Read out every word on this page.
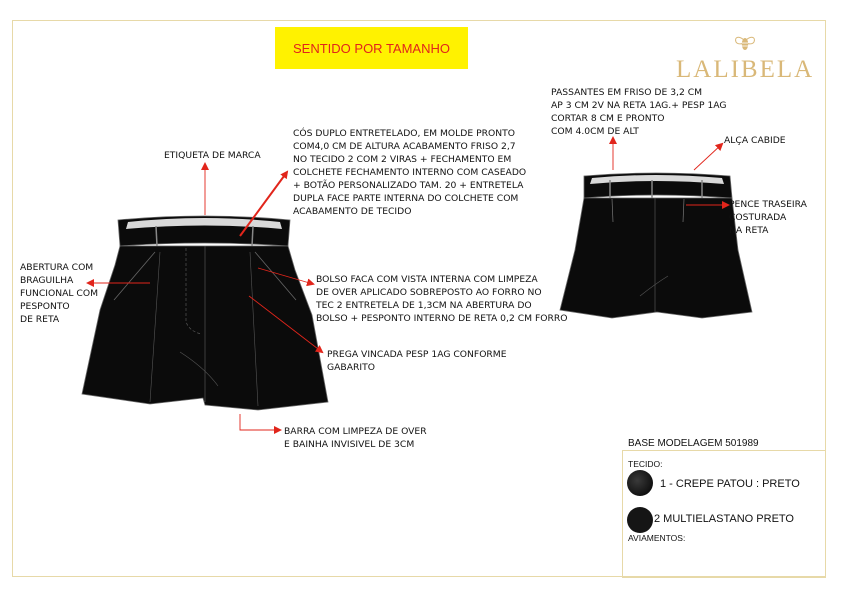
SENTIDO POR TAMANHO
LALIBELA

ETIQUETA DE MARCA

CÓS DUPLO ENTRETELADO, EM MOLDE PRONTO
COM4,0 CM DE ALTURA ACABAMENTO FRISO 2,7
NO TECIDO 2 COM 2 VIRAS + FECHAMENTO EM
COLCHETE FECHAMENTO INTERNO COM CASEADO
+ BOTÃO PERSONALIZADO TAM. 20 + ENTRETELA
DUPLA FACE PARTE INTERNA DO COLCHETE COM
ACABAMENTO DE TECIDO

ABERTURA COM
BRAGUILHA
FUNCIONAL COM
PESPONTO
DE RETA

BOLSO FACA COM VISTA INTERNA COM LIMPEZA
DE OVER APLICADO SOBREPOSTO AO FORRO NO
TEC 2 ENTRETELA DE 1,3CM NA ABERTURA DO
BOLSO + PESPONTO INTERNO DE RETA 0,2 CM FORRO

PREGA VINCADA PESP 1AG CONFORME
GABARITO

BARRA COM LIMPEZA DE OVER
E BAINHA INVISIVEL DE 3CM

PASSANTES EM FRISO DE 3,2 CM
AP 3 CM 2V NA RETA 1AG.+ PESP 1AG
CORTAR 8 CM E PRONTO
COM 4.0CM DE ALT

ALÇA CABIDE

PENCE TRASEIRA
COSTURADA
NA RETA

BASE MODELAGEM 501989
TECIDO:
1 - CREPE PATOU : PRETO
2 MULTIELASTANO PRETO
AVIAMENTOS:
